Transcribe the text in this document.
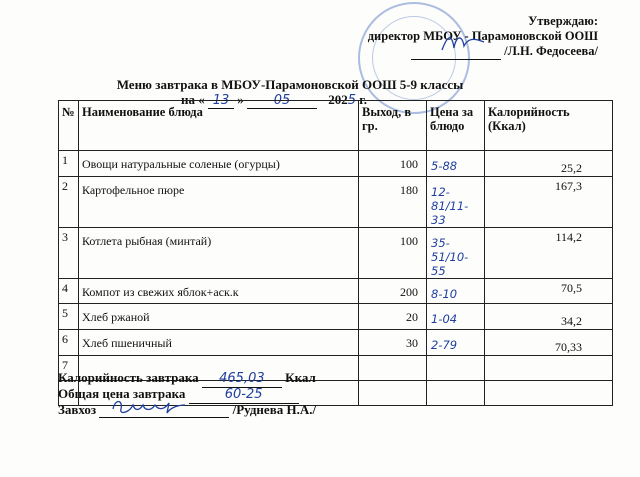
Утверждаю:
директор МБОУ - Парамоновской ООШ
/Л.Н. Федосеева/
Меню завтрака в МБОУ-Парамоновской ООШ 5-9 классы
на « 13 » 05	2025 г.
№	Наименование блюда	Выход, в гр.	Цена за блюдо	Калорийность (Ккал)
1	Овощи натуральные соленые (огурцы)	100	5-88	25,2
2	Картофельное пюре	180	12-81/11-33	167,3
3	Котлета рыбная (минтай)	100	35-51/10-55	114,2
4	Компот из свежих яблок+аск.к	200	8-10	70,5
5	Хлеб ржаной	20	1-04	34,2
6	Хлеб пшеничный	30	2-79	70,33
7				

Калорийность завтрака 465,03 Ккал
Общая цена завтрака	60-25
Завхоз	/Руднева Н.А./
